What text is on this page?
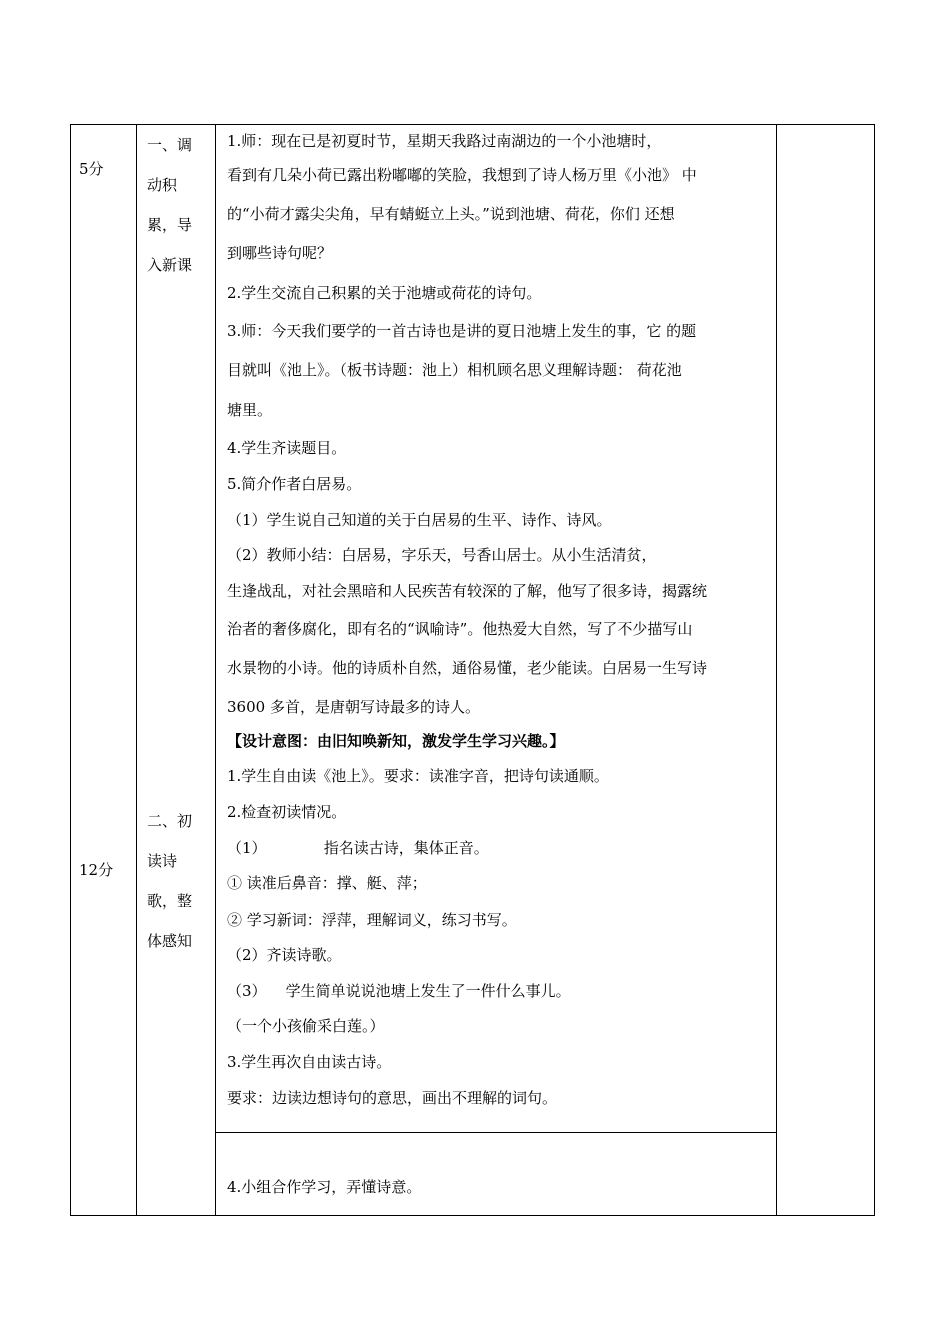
5分
一、调
动积
累，导
入新课
1.师：现在已是初夏时节，星期天我路过南湖边的一个小池塘时，
看到有几朵小荷已露出粉嘟嘟的笑脸，我想到了诗人杨万里《小池》 中
的“小荷才露尖尖角，早有蜻蜓立上头。”说到池塘、荷花，你们 还想
到哪些诗句呢？
2.学生交流自己积累的关于池塘或荷花的诗句。
3.师：今天我们要学的一首古诗也是讲的夏日池塘上发生的事，它 的题
目就叫《池上》。（板书诗题：池上）相机顾名思义理解诗题： 荷花池
塘里。
4.学生齐读题目。
5.简介作者白居易。
（1）学生说自己知道的关于白居易的生平、诗作、诗风。
（2）教师小结：白居易，字乐天，号香山居士。从小生活清贫，
生逢战乱，对社会黑暗和人民疾苦有较深的了解，他写了很多诗，揭露统
治者的奢侈腐化，即有名的“讽喻诗”。他热爱大自然，写了不少描写山
水景物的小诗。他的诗质朴自然，通俗易懂，老少能读。白居易一生写诗
3600 多首，是唐朝写诗最多的诗人。
【设计意图：由旧知唤新知，激发学生学习兴趣。】
12分
二、初
读诗
歌，整
体感知
1.学生自由读《池上》。要求：读准字音，把诗句读通顺。
2.检查初读情况。
（1）            指名读古诗，集体正音。
① 读准后鼻音：撑、艇、萍；
② 学习新词：浮萍，理解词义，练习书写。
（2）齐读诗歌。
（3）    学生简单说说池塘上发生了一件什么事儿。
（一个小孩偷采白莲。）
3.学生再次自由读古诗。
要求：边读边想诗句的意思，画出不理解的词句。
4.小组合作学习，弄懂诗意。
